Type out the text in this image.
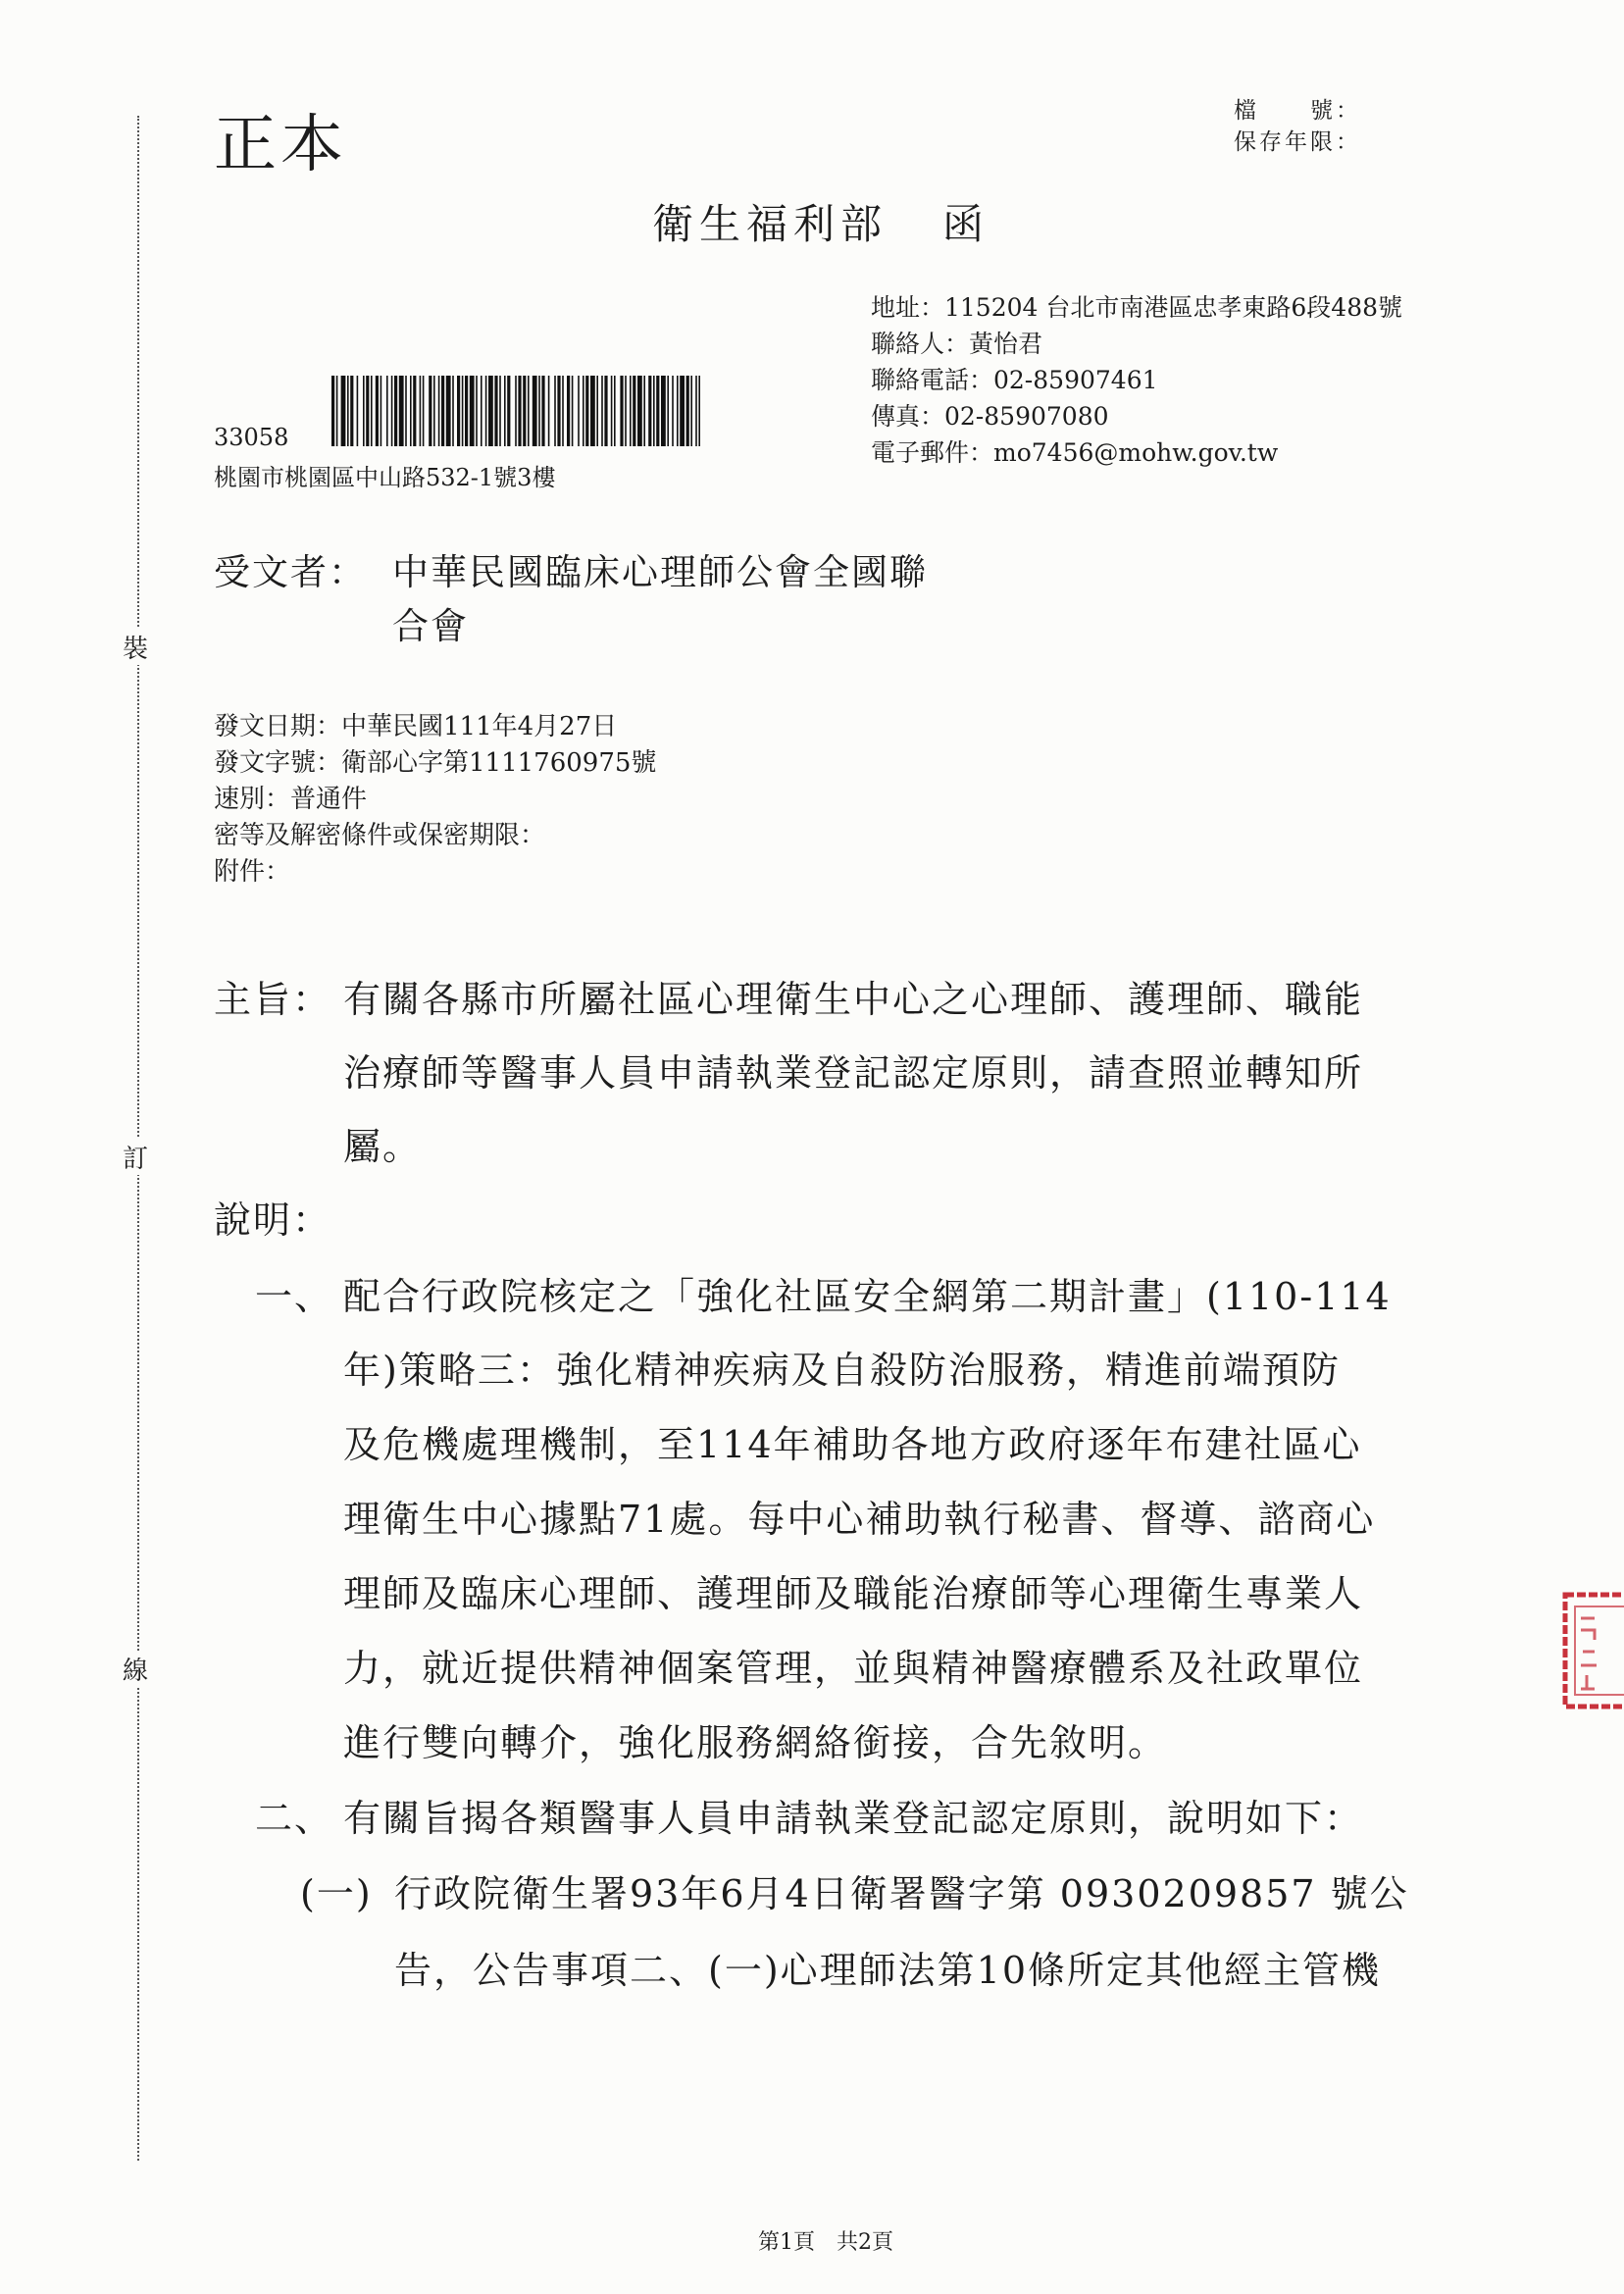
裝
訂
線
正本	檔　　號：
保存年限：
衛生福利部 函
地址：115204 台北市南港區忠孝東路6段488號
聯絡人：黃怡君
聯絡電話：02-85907461
傳真：02-85907080
電子郵件：mo7456@mohw.gov.tw
33058
桃園市桃園區中山路532-1號3樓
受文者： 中華民國臨床心理師公會全國聯
合會
發文日期：中華民國111年4月27日
發文字號：衛部心字第1111760975號
速別：普通件
密等及解密條件或保密期限：
附件：
主旨： 有關各縣市所屬社區心理衛生中心之心理師、護理師、職能
治療師等醫事人員申請執業登記認定原則，請查照並轉知所
屬。
說明：
一、 配合行政院核定之「強化社區安全網第二期計畫」(110-114
年)策略三：強化精神疾病及自殺防治服務，精進前端預防
及危機處理機制，至114年補助各地方政府逐年布建社區心
理衛生中心據點71處。每中心補助執行秘書、督導、諮商心
理師及臨床心理師、護理師及職能治療師等心理衛生專業人
力，就近提供精神個案管理，並與精神醫療體系及社政單位
進行雙向轉介，強化服務網絡銜接，合先敘明。
二、 有關旨揭各類醫事人員申請執業登記認定原則，說明如下：
(一) 行政院衛生署93年6月4日衛署醫字第 0930209857 號公
告，公告事項二、(一)心理師法第10條所定其他經主管機
第1頁　共2頁
